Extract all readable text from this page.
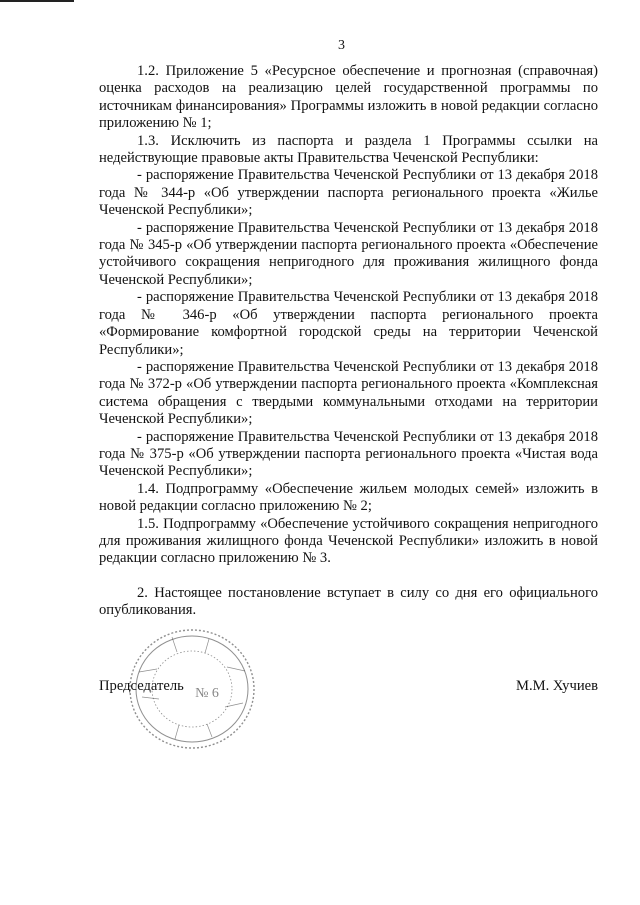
3

1.2. Приложение 5 «Ресурсное обеспечение и прогнозная (справочная) оценка расходов на реализацию целей государственной программы по источникам финансирования» Программы изложить в новой редакции согласно приложению № 1;

1.3. Исключить из паспорта и раздела 1 Программы ссылки на недействующие правовые акты Правительства Чеченской Республики:

- распоряжение Правительства Чеченской Республики от 13 декабря 2018 года № 344-р «Об утверждении паспорта регионального проекта «Жилье Чеченской Республики»;

- распоряжение Правительства Чеченской Республики от 13 декабря 2018 года № 345-р «Об утверждении паспорта регионального проекта «Обеспечение устойчивого сокращения непригодного для проживания жилищного фонда Чеченской Республики»;

- распоряжение Правительства Чеченской Республики от 13 декабря 2018 года № 346-р «Об утверждении паспорта регионального проекта «Формирование комфортной городской среды на территории Чеченской Республики»;

- распоряжение Правительства Чеченской Республики от 13 декабря 2018 года № 372-р «Об утверждении паспорта регионального проекта «Комплексная система обращения с твердыми коммунальными отходами на территории Чеченской Республики»;

- распоряжение Правительства Чеченской Республики от 13 декабря 2018 года № 375-р «Об утверждении паспорта регионального проекта «Чистая вода Чеченской Республики»;

1.4. Подпрограмму «Обеспечение жильем молодых семей» изложить в новой редакции согласно приложению № 2;

1.5. Подпрограмму «Обеспечение устойчивого сокращения непригодного для проживания жилищного фонда Чеченской Республики» изложить в новой редакции согласно приложению № 3.

2. Настоящее постановление вступает в силу со дня его официального опубликования.

№ 6
Председатель	М.М. Хучиев
